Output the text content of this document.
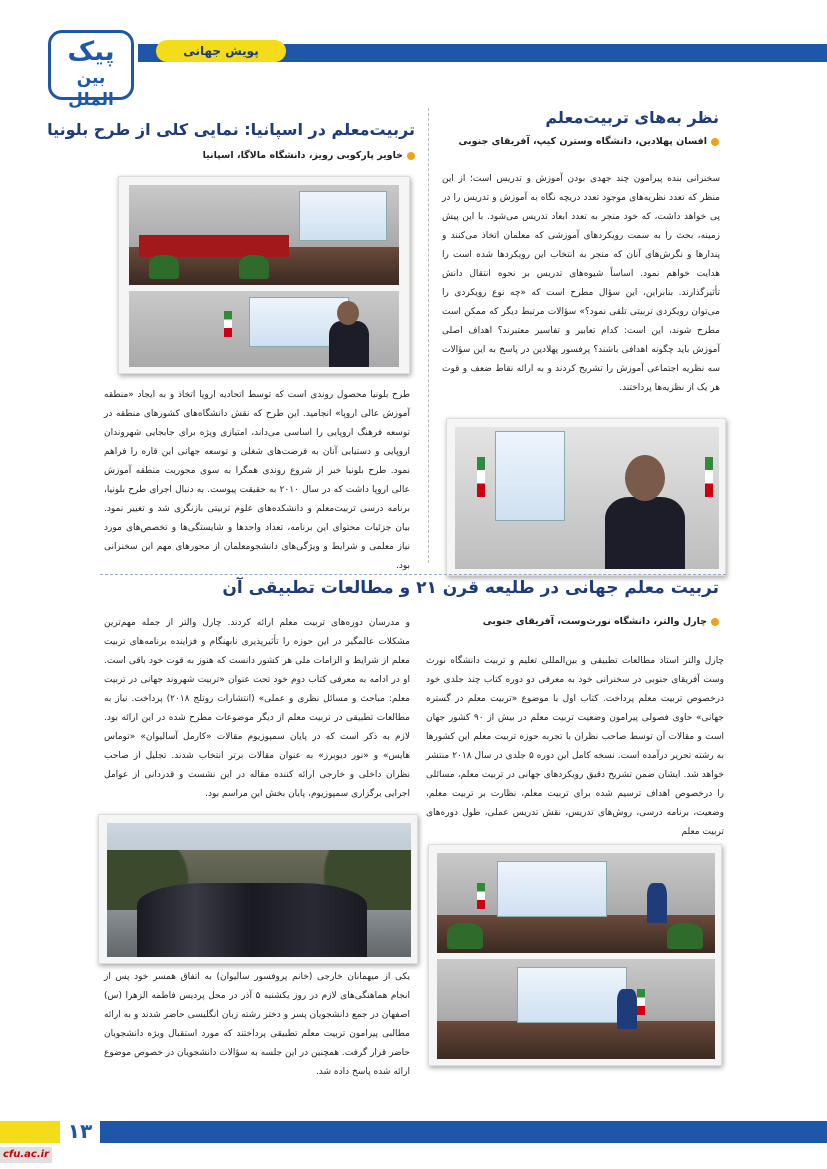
پیک
بین الملل
پویش جهانی
نظر به‌های تربیت‌معلم
افسان پهلادین، دانشگاه وسترن کیپ، آفریقای جنوبی
سخنرانی بنده پیرامون چند جهدی بودن آموزش و تدریس است؛ از این منظر که تعدد نظریه‌های موجود تعدد دریچه نگاه به آموزش و تدریس را در پی خواهد داشت، که خود منجر به تعدد ابعاد تدریس می‌شود. با این پیش زمینه، بحث را به سمت رویکردهای آموزشی که معلمان اتخاذ می‌کنند و پندارها و نگرش‌های آنان که منجر به انتخاب این رویکردها شده است را هدایت خواهم نمود. اساساً شیوه‌های تدریس بر نحوه انتقال دانش تأثیرگذارند. بنابراین، این سؤال مطرح است که «چه نوع رویکردی را می‌توان رویکردی تربیتی تلقی نمود؟» سؤالات مرتبط دیگر که ممکن است مطرح شوند، این است: کدام تعابیر و تفاسیر معتبرند؟ اهداف اصلی آموزش باید چگونه اهدافی باشند؟ پرفسور پهلادین در پاسخ به این سؤالات سه نظریه اجتماعی آموزش را تشریح کردند و به ارائه نقاط ضعف و قوت هر یک از نظریه‌ها پرداختند.
تربیت‌معلم در اسپانیا: نمایی کلی از طرح بلونیا
خاویر پارکوبی رویز، دانشگاه مالاگا، اسپانیا
طرح بلونیا محصول روندی است که توسط اتحادیه اروپا اتخاذ و به ایجاد «منطقه آموزش عالی اروپا» انجامید. این طرح که نقش دانشگاه‌های کشورهای منطقه در توسعه فرهنگ اروپایی را اساسی می‌داند، امتیازی ویژه برای جابجایی شهروندان اروپایی و دستیابی آنان به فرصت‌های شغلی و توسعه جهانی این قاره را فراهم نمود. طرح بلونیا خبر از شروع روندی همگرا به سوی محوریت منطقه آموزش عالی اروپا داشت که در سال ۲۰۱۰ به حقیقت پیوست. به دنبال اجرای طرح بلونیا، برنامه درسی تربیت‌معلم و دانشکده‌های علوم تربیتی بازنگری شد و تغییر نمود. بیان جزئیات محتوای این برنامه، تعداد واحدها و شایستگی‌ها و تخصص‌های مورد نیاز معلمی و شرایط و ویژگی‌های دانشجومعلمان از محورهای مهم این سخنرانی بود.
تربیت معلم جهانی در طلیعه قرن ۲۱ و مطالعات تطبیقی آن
چارل والتر، دانشگاه نورث‌وست، آفریقای جنوبی
چارل والتر استاد مطالعات تطبیقی و بین‌المللی تعلیم و تربیت دانشگاه نورث وست آفریقای جنوبی در سخنرانی خود به معرفی دو دوره کتاب چند جلدی خود درخصوص تربیت معلم پرداخت. کتاب اول با موضوع «تربیت معلم در گستره جهانی» حاوی فصولی پیرامون وضعیت تربیت معلم در بیش از ۹۰ کشور جهان است و مقالات آن توسط صاحب نظران با تجربه حوزه تربیت معلم این کشورها به رشته تحریر درآمده است. نسخه کامل این دوره ۵ جلدی در سال ۲۰۱۸ منتشر خواهد شد. ایشان ضمن تشریح دقیق رویکردهای جهانی در تربیت معلم، مسائلی را درخصوص اهداف ترسیم شده برای تربیت معلم، نظارت بر تربیت معلم، وضعیت، برنامه درسی، روش‌های تدریس، نقش تدریس عملی، طول دوره‌های تربیت معلم
و مدرسان دوره‌های تربیت معلم ارائه کردند. چارل والتر از جمله مهم‌ترین مشکلات عالمگیر در این حوزه را تأثیرپذیری نابهنگام و فزاینده برنامه‌های تربیت معلم از شرایط و الزامات ملی هر کشور دانست که هنوز به قوت خود باقی است. او در ادامه به معرفی کتاب دوم خود تحت عنوان «تربیت شهروند جهانی در تربیت معلم: مباحث و مسائل نظری و عملی» (انتشارات روتلج ۲۰۱۸) پرداخت. نیاز به مطالعات تطبیقی در تربیت معلم از دیگر موضوعات مطرح شده در این ارائه بود. لازم به ذکر است که در پایان سمپوزیوم مقالات «کارمل آسالیوان» «توماس هایس» و «نور دیوبرز» به عنوان مقالات برتر انتخاب شدند. تجلیل از صاحب نظران داخلی و خارجی ارائه کننده مقاله در این نشست و قدردانی از عوامل اجرایی برگزاری سمپوزیوم، پایان بخش این مراسم بود.
یکی از میهمانان خارجی (خانم پروفسور سالیوان) به اتفاق همسر خود پس از انجام هماهنگی‌های لازم در روز یکشنبه ۵ آذر در محل پردیس فاطمه الزهرا (س) اصفهان در جمع دانشجویان پسر و دختر رشته زبان انگلیسی حاضر شدند و به ارائه مطالبی پیرامون تربیت معلم تطبیقی پرداختند که مورد استقبال ویژه دانشجویان حاضر قرار گرفت. همچنین در این جلسه به سؤالات دانشجویان در خصوص موضوع ارائه شده پاسخ داده شد.
۱۳
cfu.ac.ir
